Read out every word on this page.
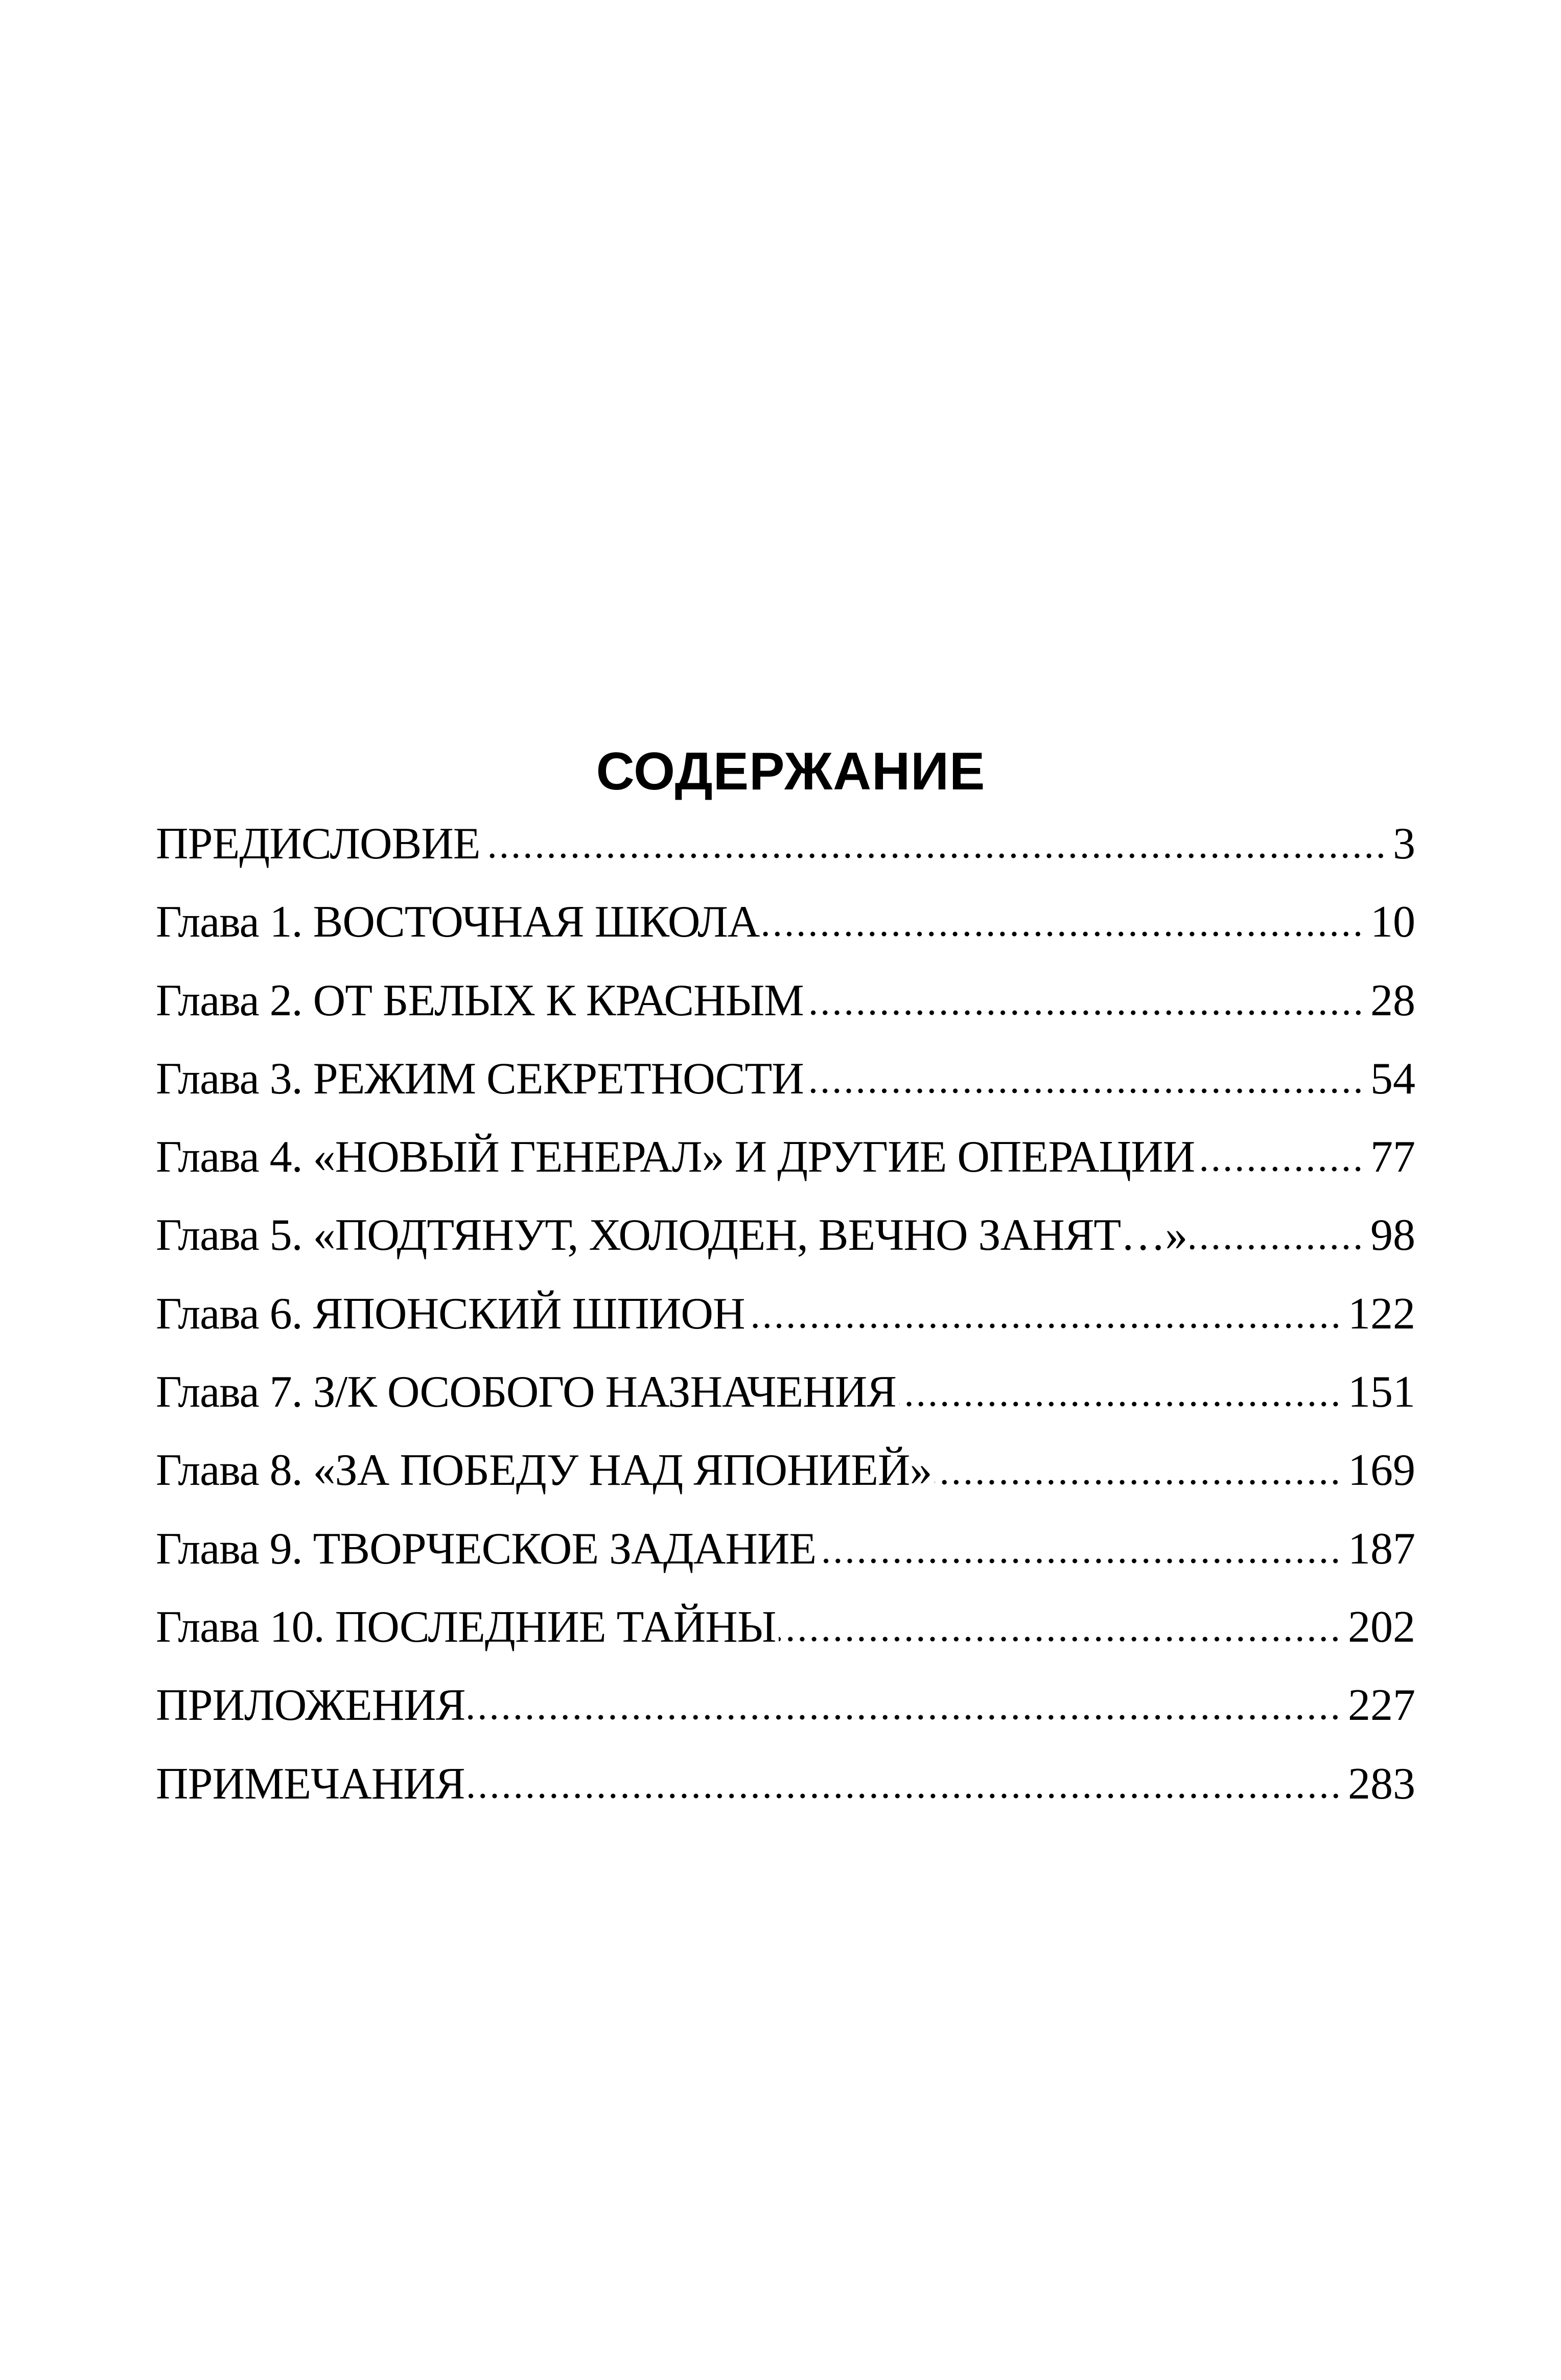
СОДЕРЖАНИЕ
ПРЕДИСЛОВИЕ	3
Глава 1. ВОСТОЧНАЯ ШКОЛА	10
Глава 2. ОТ БЕЛЫХ К КРАСНЫМ	28
Глава 3. РЕЖИМ СЕКРЕТНОСТИ	54
Глава 4. «НОВЫЙ ГЕНЕРАЛ» И ДРУГИЕ ОПЕРАЦИИ	77
Глава 5. «ПОДТЯНУТ, ХОЛОДЕН, ВЕЧНО ЗАНЯТ…»	98
Глава 6. ЯПОНСКИЙ ШПИОН	122
Глава 7. З/К ОСОБОГО НАЗНАЧЕНИЯ	151
Глава 8. «ЗА ПОБЕДУ НАД ЯПОНИЕЙ»	169
Глава 9. ТВОРЧЕСКОЕ ЗАДАНИЕ	187
Глава 10. ПОСЛЕДНИЕ ТАЙНЫ	202
ПРИЛОЖЕНИЯ	227
ПРИМЕЧАНИЯ	283
